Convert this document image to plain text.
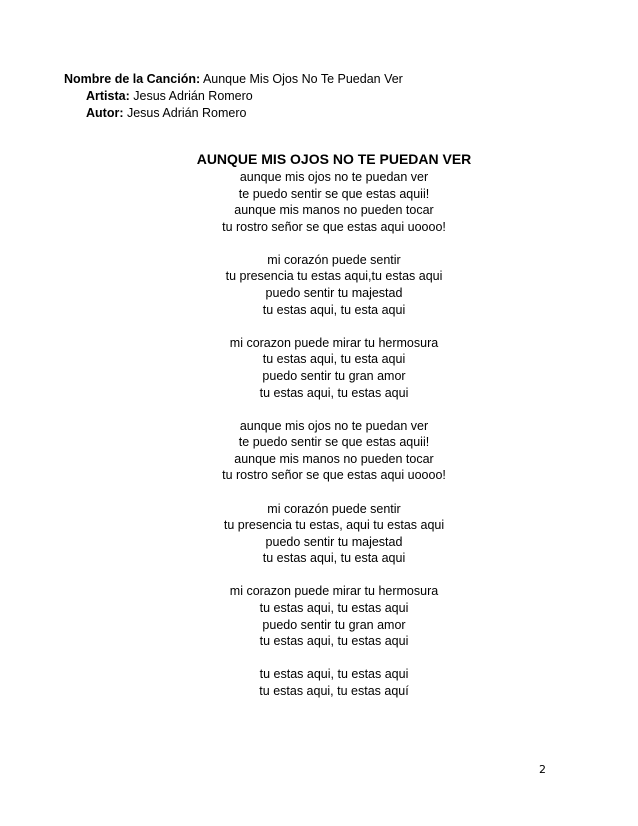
Nombre de la Canción: Aunque Mis Ojos No Te Puedan Ver
Artista: Jesus Adrián Romero
Autor: Jesus Adrián Romero
AUNQUE MIS OJOS NO TE PUEDAN VER
aunque mis ojos no te puedan ver
te puedo sentir se que estas aquii!
aunque mis manos no pueden tocar
tu rostro señor se que estas aqui uoooo!
mi corazón puede sentir
tu presencia tu estas aqui,tu estas aqui
puedo sentir tu majestad
tu estas aqui, tu esta aqui
mi corazon puede mirar tu hermosura
tu estas aqui, tu esta aqui
puedo sentir tu gran amor
tu estas aqui, tu estas aqui
aunque mis ojos no te puedan ver
te puedo sentir se que estas aquii!
aunque mis manos no pueden tocar
tu rostro señor se que estas aqui uoooo!
mi corazón puede sentir
tu presencia tu estas, aqui tu estas aqui
puedo sentir tu majestad
tu estas aqui, tu esta aqui
mi corazon puede mirar tu hermosura
tu estas aqui, tu estas aqui
puedo sentir tu gran amor
tu estas aqui, tu estas aqui
tu estas aqui, tu estas aqui
tu estas aqui, tu estas aquí
2
